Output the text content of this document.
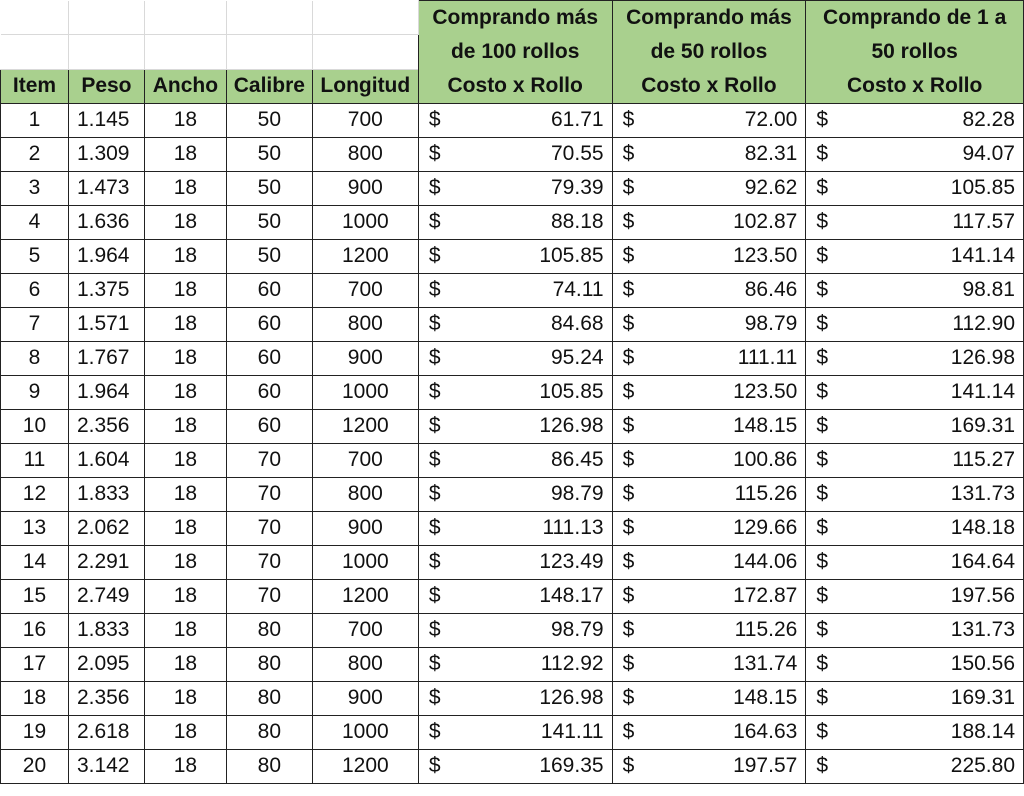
					Comprando más de 100 rollos	Comprando más de 50 rollos	Comprando de 1 a 50 rollos

Item	Peso	Ancho	Calibre	Longitud	Costo x Rollo	Costo x Rollo	Costo x Rollo
1	1.145	18	50	700	$ 61.71	$ 72.00	$ 82.28

2	1.309	18	50	800	$ 70.55	$ 82.31	$ 94.07

3	1.473	18	50	900	$ 79.39	$ 92.62	$ 105.85

4	1.636	18	50	1000	$ 88.18	$ 102.87	$ 117.57

5	1.964	18	50	1200	$ 105.85	$ 123.50	$ 141.14

6	1.375	18	60	700	$ 74.11	$ 86.46	$ 98.81

7	1.571	18	60	800	$ 84.68	$ 98.79	$ 112.90

8	1.767	18	60	900	$ 95.24	$ 111.11	$ 126.98

9	1.964	18	60	1000	$ 105.85	$ 123.50	$ 141.14

10	2.356	18	60	1200	$ 126.98	$ 148.15	$ 169.31

11	1.604	18	70	700	$ 86.45	$ 100.86	$ 115.27

12	1.833	18	70	800	$ 98.79	$ 115.26	$ 131.73

13	2.062	18	70	900	$ 111.13	$ 129.66	$ 148.18

14	2.291	18	70	1000	$ 123.49	$ 144.06	$ 164.64

15	2.749	18	70	1200	$ 148.17	$ 172.87	$ 197.56

16	1.833	18	80	700	$ 98.79	$ 115.26	$ 131.73

17	2.095	18	80	800	$ 112.92	$ 131.74	$ 150.56

18	2.356	18	80	900	$ 126.98	$ 148.15	$ 169.31

19	2.618	18	80	1000	$ 141.11	$ 164.63	$ 188.14

20	3.142	18	80	1200	$ 169.35	$ 197.57	$ 225.80
